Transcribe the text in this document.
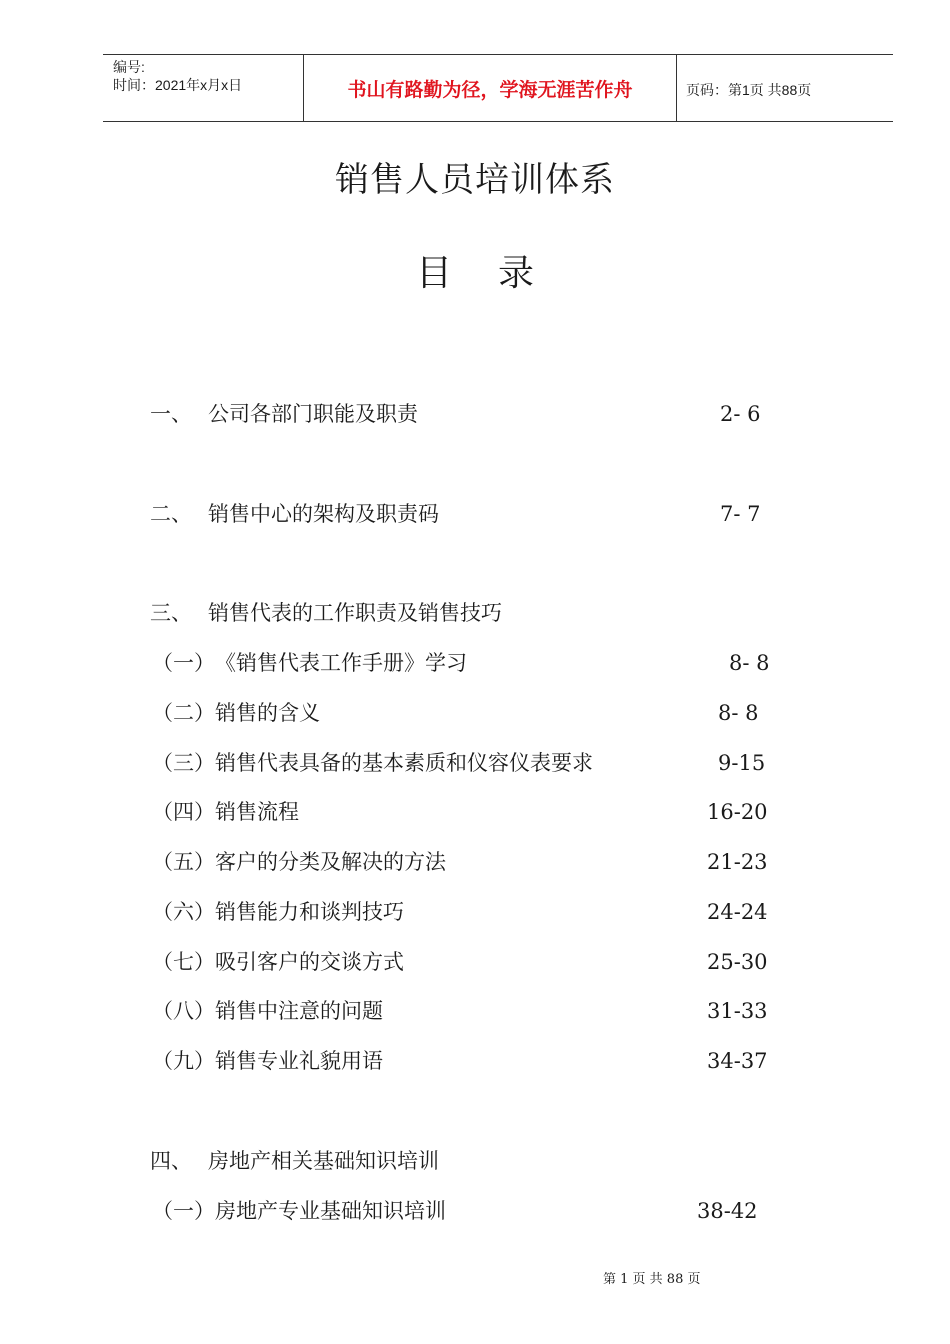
编号:
时间：2021年x月x日	书山有路勤为径，学海无涯苦作舟	页码：第1页 共88页
销售人员培训体系
目录
一、 公司各部门职能及职责	2- 6
二、 销售中心的架构及职责码	7- 7
三、 销售代表的工作职责及销售技巧
（一） 《销售代表工作手册》学习	8- 8
（二） 销售的含义	8- 8
（三） 销售代表具备的基本素质和仪容仪表要求	9-15
（四） 销售流程	16-20
（五） 客户的分类及解决的方法	21-23
（六） 销售能力和谈判技巧	24-24
（七） 吸引客户的交谈方式	25-30
（八） 销售中注意的问题	31-33
（九） 销售专业礼貌用语	34-37
四、 房地产相关基础知识培训
（一） 房地产专业基础知识培训	38-42
第 1 页 共 88 页
